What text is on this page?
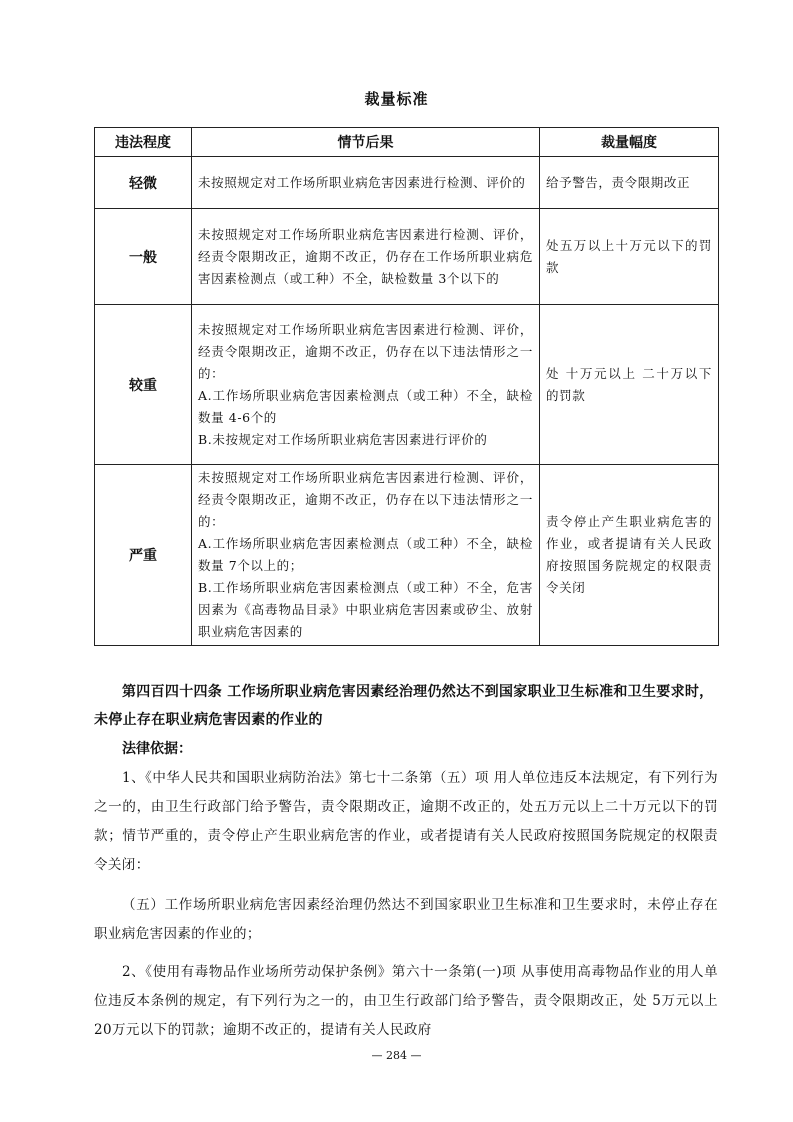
裁量标准
违法程度	情节后果	裁量幅度
轻微	未按照规定对工作场所职业病危害因素进行检测、评价的	给予警告，责令限期改正
一般	未按照规定对工作场所职业病危害因素进行检测、评价，经责令限期改正，逾期不改正，仍存在工作场所职业病危害因素检测点（或工种）不全，缺检数量 3个以下的	处五万以上十万元以下的罚款
较重	未按照规定对工作场所职业病危害因素进行检测、评价，经责令限期改正，逾期不改正，仍存在以下违法情形之一的：
A.工作场所职业病危害因素检测点（或工种）不全，缺检数量 4-6个的
B.未按规定对工作场所职业病危害因素进行评价的	处 十万元以上 二十万以下的罚款
严重	未按照规定对工作场所职业病危害因素进行检测、评价，经责令限期改正，逾期不改正，仍存在以下违法情形之一的：
A.工作场所职业病危害因素检测点（或工种）不全，缺检数量 7个以上的；
B.工作场所职业病危害因素检测点（或工种）不全，危害因素为《高毒物品目录》中职业病危害因素或矽尘、放射职业病危害因素的	责令停止产生职业病危害的作业，或者提请有关人民政府按照国务院规定的权限责令关闭
第四百四十四条 工作场所职业病危害因素经治理仍然达不到国家职业卫生标准和卫生要求时，未停止存在职业病危害因素的作业的
法律依据：
1、《中华人民共和国职业病防治法》第七十二条第（五）项 用人单位违反本法规定，有下列行为之一的，由卫生行政部门给予警告，责令限期改正，逾期不改正的，处五万元以上二十万元以下的罚款；情节严重的，责令停止产生职业病危害的作业，或者提请有关人民政府按照国务院规定的权限责令关闭：
（五）工作场所职业病危害因素经治理仍然达不到国家职业卫生标准和卫生要求时，未停止存在职业病危害因素的作业的；
2、《使用有毒物品作业场所劳动保护条例》第六十一条第(一)项 从事使用高毒物品作业的用人单位违反本条例的规定，有下列行为之一的，由卫生行政部门给予警告，责令限期改正，处 5万元以上 20万元以下的罚款；逾期不改正的，提请有关人民政府
— 284 —
